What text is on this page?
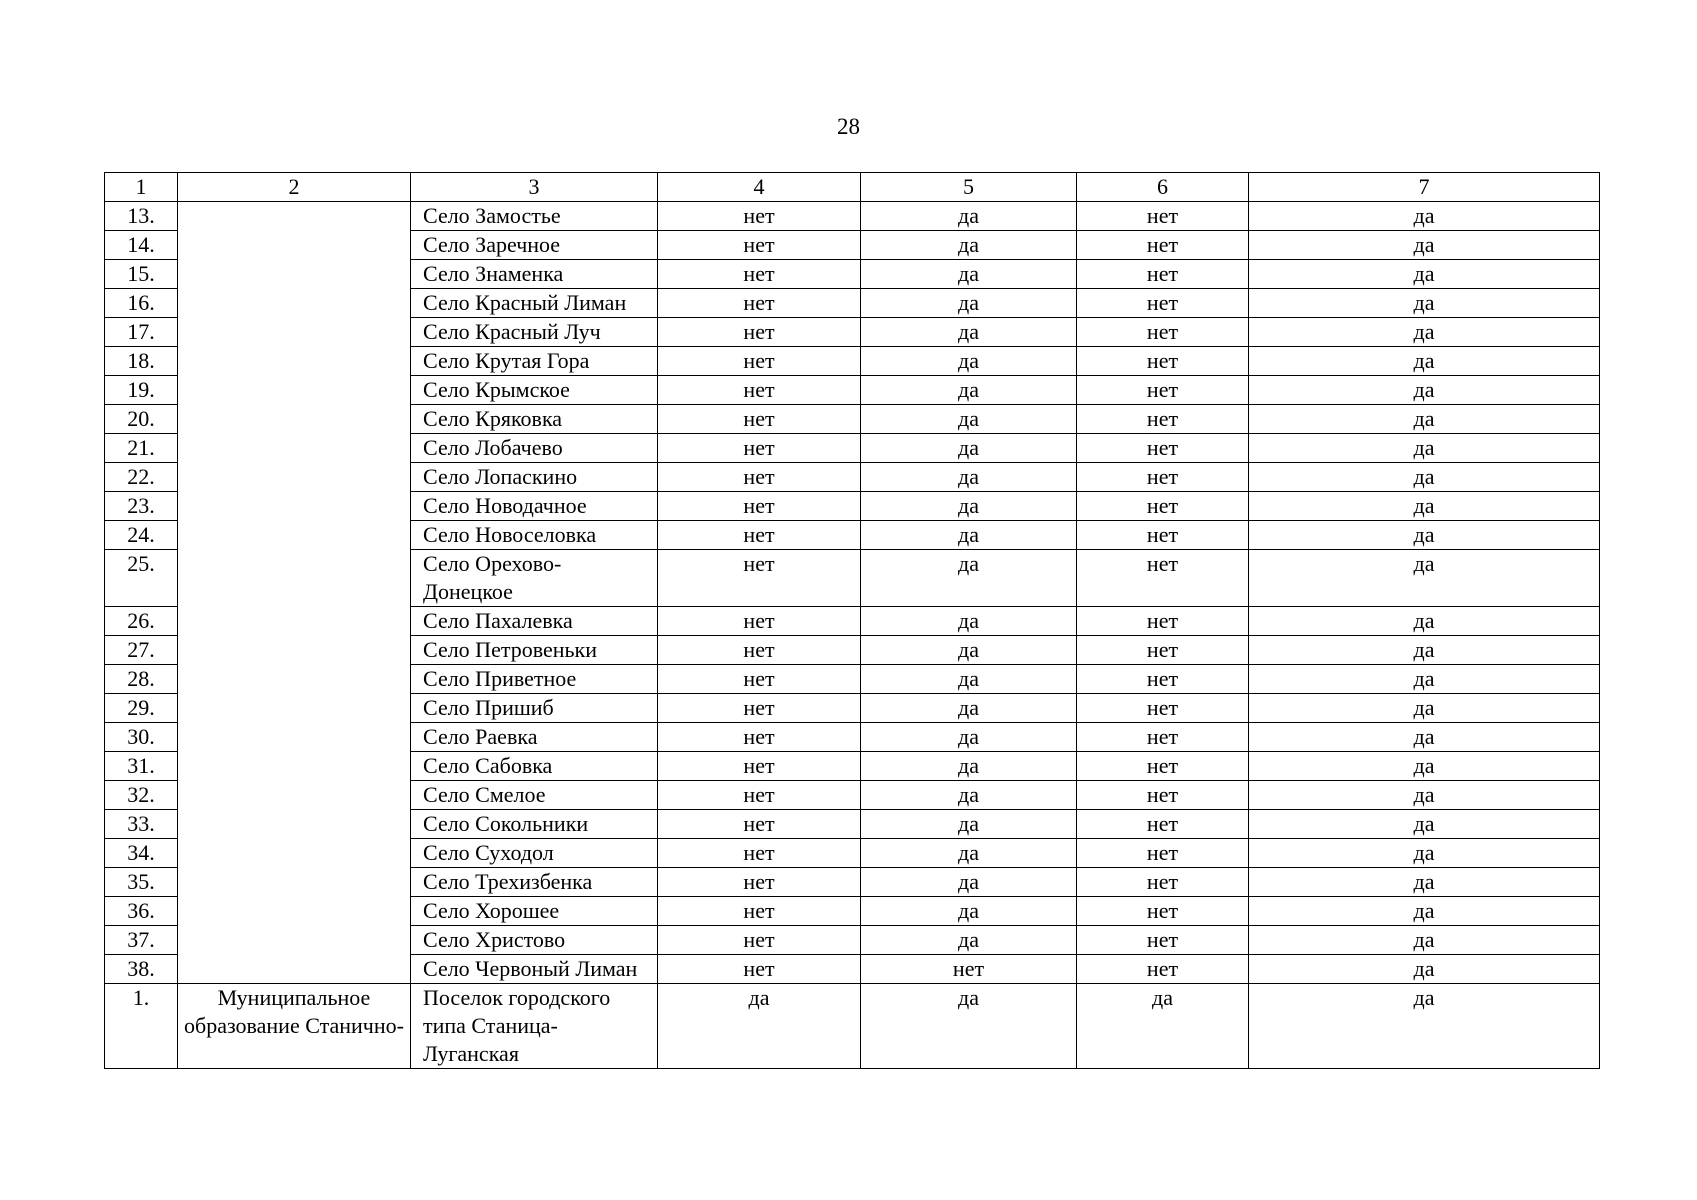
28
1	2	3	4	5	6	7
13.		Село Замостье	нет	да	нет	да
14.		Село Заречное	нет	да	нет	да
15.		Село Знаменка	нет	да	нет	да
16.		Село Красный Лиман	нет	да	нет	да
17.		Село Красный Луч	нет	да	нет	да
18.		Село Крутая Гора	нет	да	нет	да
19.		Село Крымское	нет	да	нет	да
20.		Село Кряковка	нет	да	нет	да
21.		Село Лобачево	нет	да	нет	да
22.		Село Лопаскино	нет	да	нет	да
23.		Село Новодачное	нет	да	нет	да
24.		Село Новоселовка	нет	да	нет	да
25.		Село Орехово-Донецкое	нет	да	нет	да
26.		Село Пахалевка	нет	да	нет	да
27.		Село Петровеньки	нет	да	нет	да
28.		Село Приветное	нет	да	нет	да
29.		Село Пришиб	нет	да	нет	да
30.		Село Раевка	нет	да	нет	да
31.		Село Сабовка	нет	да	нет	да
32.		Село Смелое	нет	да	нет	да
33.		Село Сокольники	нет	да	нет	да
34.		Село Суходол	нет	да	нет	да
35.		Село Трехизбенка	нет	да	нет	да
36.		Село Хорошее	нет	да	нет	да
37.		Село Христово	нет	да	нет	да
38.		Село Червоный Лиман	нет	нет	нет	да
1.	Муниципальное образование Станично-	Поселок городского типа Станица-Луганская	да	да	да	да
